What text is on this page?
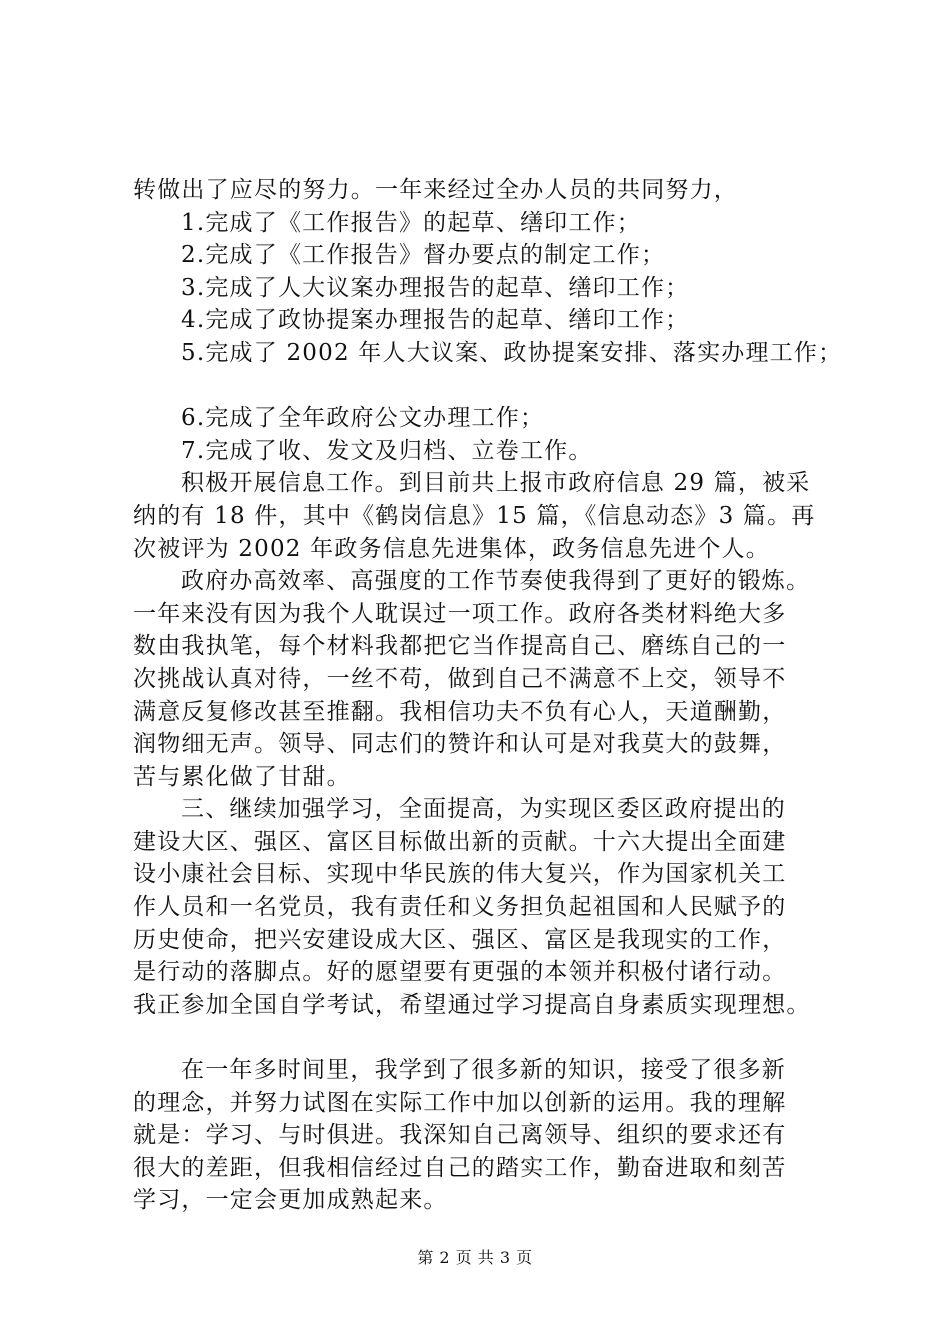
转做出了应尽的努力。一年来经过全办人员的共同努力，
1.完成了《工作报告》的起草、缮印工作；
2.完成了《工作报告》督办要点的制定工作；
3.完成了人大议案办理报告的起草、缮印工作；
4.完成了政协提案办理报告的起草、缮印工作；
5.完成了 2002 年人大议案、政协提案安排、落实办理工作；
6.完成了全年政府公文办理工作；
7.完成了收、发文及归档、立卷工作。
积极开展信息工作。到目前共上报市政府信息 29 篇，被采
纳的有 18 件，其中《鹤岗信息》15 篇，《信息动态》3 篇。再
次被评为 2002 年政务信息先进集体，政务信息先进个人。
政府办高效率、高强度的工作节奏使我得到了更好的锻炼。
一年来没有因为我个人耽误过一项工作。政府各类材料绝大多
数由我执笔，每个材料我都把它当作提高自己、磨练自己的一
次挑战认真对待，一丝不苟，做到自己不满意不上交，领导不
满意反复修改甚至推翻。我相信功夫不负有心人，天道酬勤，
润物细无声。领导、同志们的赞许和认可是对我莫大的鼓舞，
苦与累化做了甘甜。
三、继续加强学习，全面提高，为实现区委区政府提出的
建设大区、强区、富区目标做出新的贡献。十六大提出全面建
设小康社会目标、实现中华民族的伟大复兴，作为国家机关工
作人员和一名党员，我有责任和义务担负起祖国和人民赋予的
历史使命，把兴安建设成大区、强区、富区是我现实的工作，
是行动的落脚点。好的愿望要有更强的本领并积极付诸行动。
我正参加全国自学考试，希望通过学习提高自身素质实现理想。
在一年多时间里，我学到了很多新的知识，接受了很多新
的理念，并努力试图在实际工作中加以创新的运用。我的理解
就是：学习、与时俱进。我深知自己离领导、组织的要求还有
很大的差距，但我相信经过自己的踏实工作，勤奋进取和刻苦
学习，一定会更加成熟起来。
第 2 页 共 3 页
